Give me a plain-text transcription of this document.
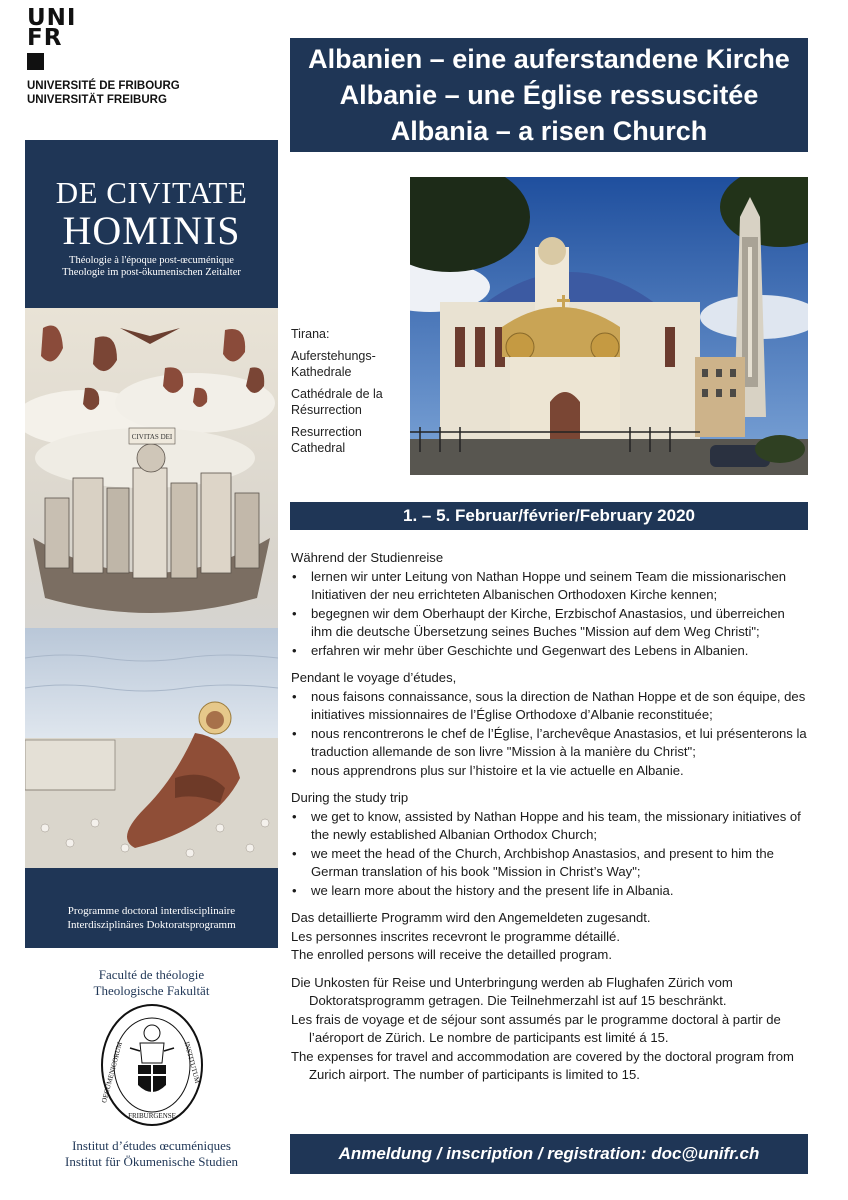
UNI
FR
UNIVERSITÉ DE FRIBOURG
UNIVERSITÄT FREIBURG
DE CIVITATE
HOMINIS
Théologie à l'époque post-œcuménique
Theologie im post-ökumenischen Zeitalter
CIVITAS DEI
Programme doctoral interdisciplinaire
Interdisziplinäres Doktoratsprogramm
Albanien – eine auferstandene Kirche
Albanie – une Église ressuscitée
Albania – a risen Church
Tirana:
Auferstehungs-Kathedrale
Cathédrale de la Résurrection
Resurrection Cathedral
1. – 5. Februar/février/February 2020

Während der Studienreise

• lernen wir unter Leitung von Nathan Hoppe und seinem Team die missionarischen Initiativen der neu errichteten Albanischen Orthodoxen Kirche kennen;
• begegnen wir dem Oberhaupt der Kirche, Erzbischof Anastasios, und überreichen ihm die deutsche Übersetzung seines Buches "Mission auf dem Weg Christi";
• erfahren wir mehr über Geschichte und Gegenwart des Lebens in Albanien.

Pendant le voyage d’études,

• nous faisons connaissance, sous la direction de Nathan Hoppe et de son équipe, des initiatives missionnaires de l’Église Orthodoxe d’Albanie reconstituée;
• nous rencontrerons le chef de l’Église, l’archevêque Anastasios, et lui présenterons la traduction allemande de son livre "Mission à la manière du Christ";
• nous apprendrons plus sur l’histoire et la vie actuelle en Albanie.

During the study trip

• we get to know, assisted by Nathan Hoppe and his team, the missionary initiatives of the newly established Albanian Orthodox Church;
• we meet the head of the Church, Archbishop Anastasios, and present to him the German translation of his book "Mission in Christ’s Way";
• we learn more about the history and the present life in Albania.

Das detaillierte Programm wird den Angemeldeten zugesandt.

Les personnes inscrites recevront le programme détaillé.

The enrolled persons will receive the detailled program.

Die Unkosten für Reise und Unterbringung werden ab Flughafen Zürich vom Doktoratsprogramm getragen. Die Teilnehmerzahl ist auf 15 beschränkt.

Les frais de voyage et de séjour sont assumés par le programme doctoral à partir de l’aéroport de Zürich. Le nombre de participants est limité á 15.

The expenses for travel and accommodation are covered by the doctoral program from Zurich airport. The number of participants is limited to 15.

Anmeldung / inscription / registration: doc@unifr.ch
Faculté de théologie
Theologische Fakultät
OECUMENICORUM	INSTITUTUM
FRIBURGENSE
Institut d’études œcuméniques
Institut für Ökumenische Studien
